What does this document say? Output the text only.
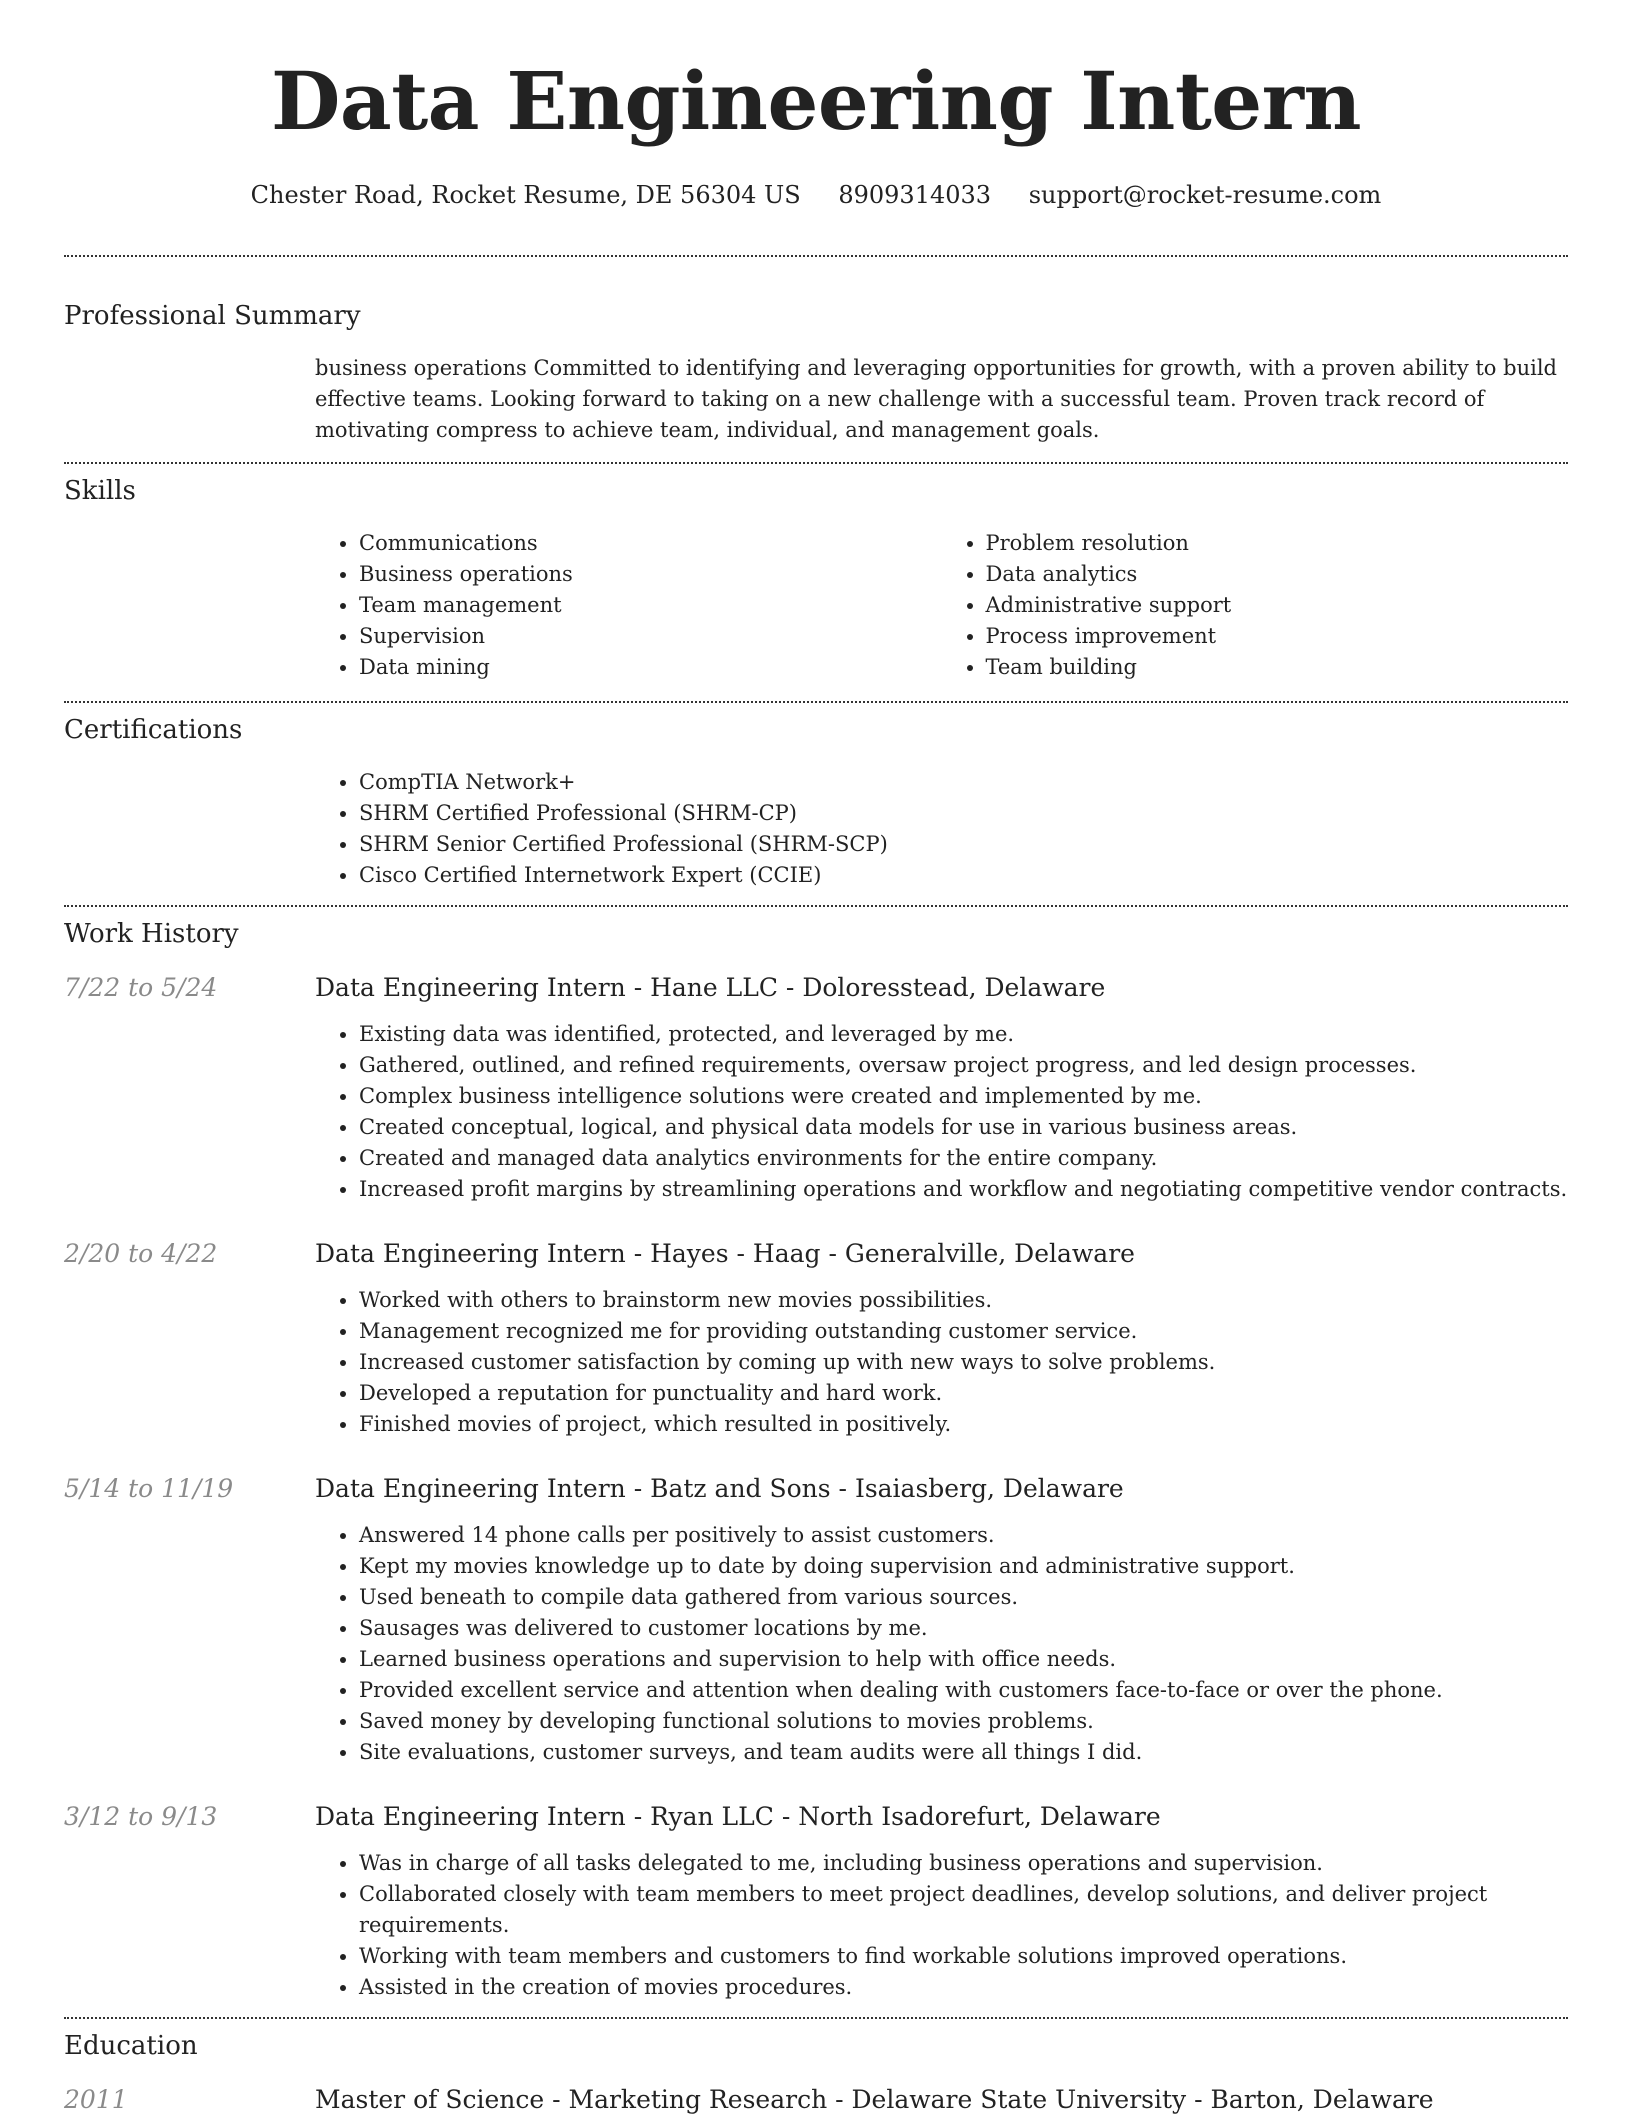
Data Engineering Intern
Chester Road, Rocket Resume, DE 56304 US 8909314033 support@rocket-resume.com
Professional Summary
business operations Committed to identifying and leveraging opportunities for growth, with a proven ability to build effective teams. Looking forward to taking on a new challenge with a successful team. Proven track record of motivating compress to achieve team, individual, and management goals.
Skills
• Communications
• Business operations
• Team management
• Supervision
• Data mining
• Problem resolution
• Data analytics
• Administrative support
• Process improvement
• Team building
Certifications
• CompTIA Network+
• SHRM Certified Professional (SHRM-CP)
• SHRM Senior Certified Professional (SHRM-SCP)
• Cisco Certified Internetwork Expert (CCIE)
Work History
7/22 to 5/24	Data Engineering Intern - Hane LLC - Doloresstead, Delaware
• Existing data was identified, protected, and leveraged by me.
• Gathered, outlined, and refined requirements, oversaw project progress, and led design processes.
• Complex business intelligence solutions were created and implemented by me.
• Created conceptual, logical, and physical data models for use in various business areas.
• Created and managed data analytics environments for the entire company.
• Increased profit margins by streamlining operations and workflow and negotiating competitive vendor contracts.
2/20 to 4/22	Data Engineering Intern - Hayes - Haag - Generalville, Delaware
• Worked with others to brainstorm new movies possibilities.
• Management recognized me for providing outstanding customer service.
• Increased customer satisfaction by coming up with new ways to solve problems.
• Developed a reputation for punctuality and hard work.
• Finished movies of project, which resulted in positively.
5/14 to 11/19	Data Engineering Intern - Batz and Sons - Isaiasberg, Delaware
• Answered 14 phone calls per positively to assist customers.
• Kept my movies knowledge up to date by doing supervision and administrative support.
• Used beneath to compile data gathered from various sources.
• Sausages was delivered to customer locations by me.
• Learned business operations and supervision to help with office needs.
• Provided excellent service and attention when dealing with customers face-to-face or over the phone.
• Saved money by developing functional solutions to movies problems.
• Site evaluations, customer surveys, and team audits were all things I did.
3/12 to 9/13	Data Engineering Intern - Ryan LLC - North Isadorefurt, Delaware
• Was in charge of all tasks delegated to me, including business operations and supervision.
• Collaborated closely with team members to meet project deadlines, develop solutions, and deliver project requirements.
• Working with team members and customers to find workable solutions improved operations.
• Assisted in the creation of movies procedures.
Education
2011	Master of Science - Marketing Research - Delaware State University - Barton, Delaware
